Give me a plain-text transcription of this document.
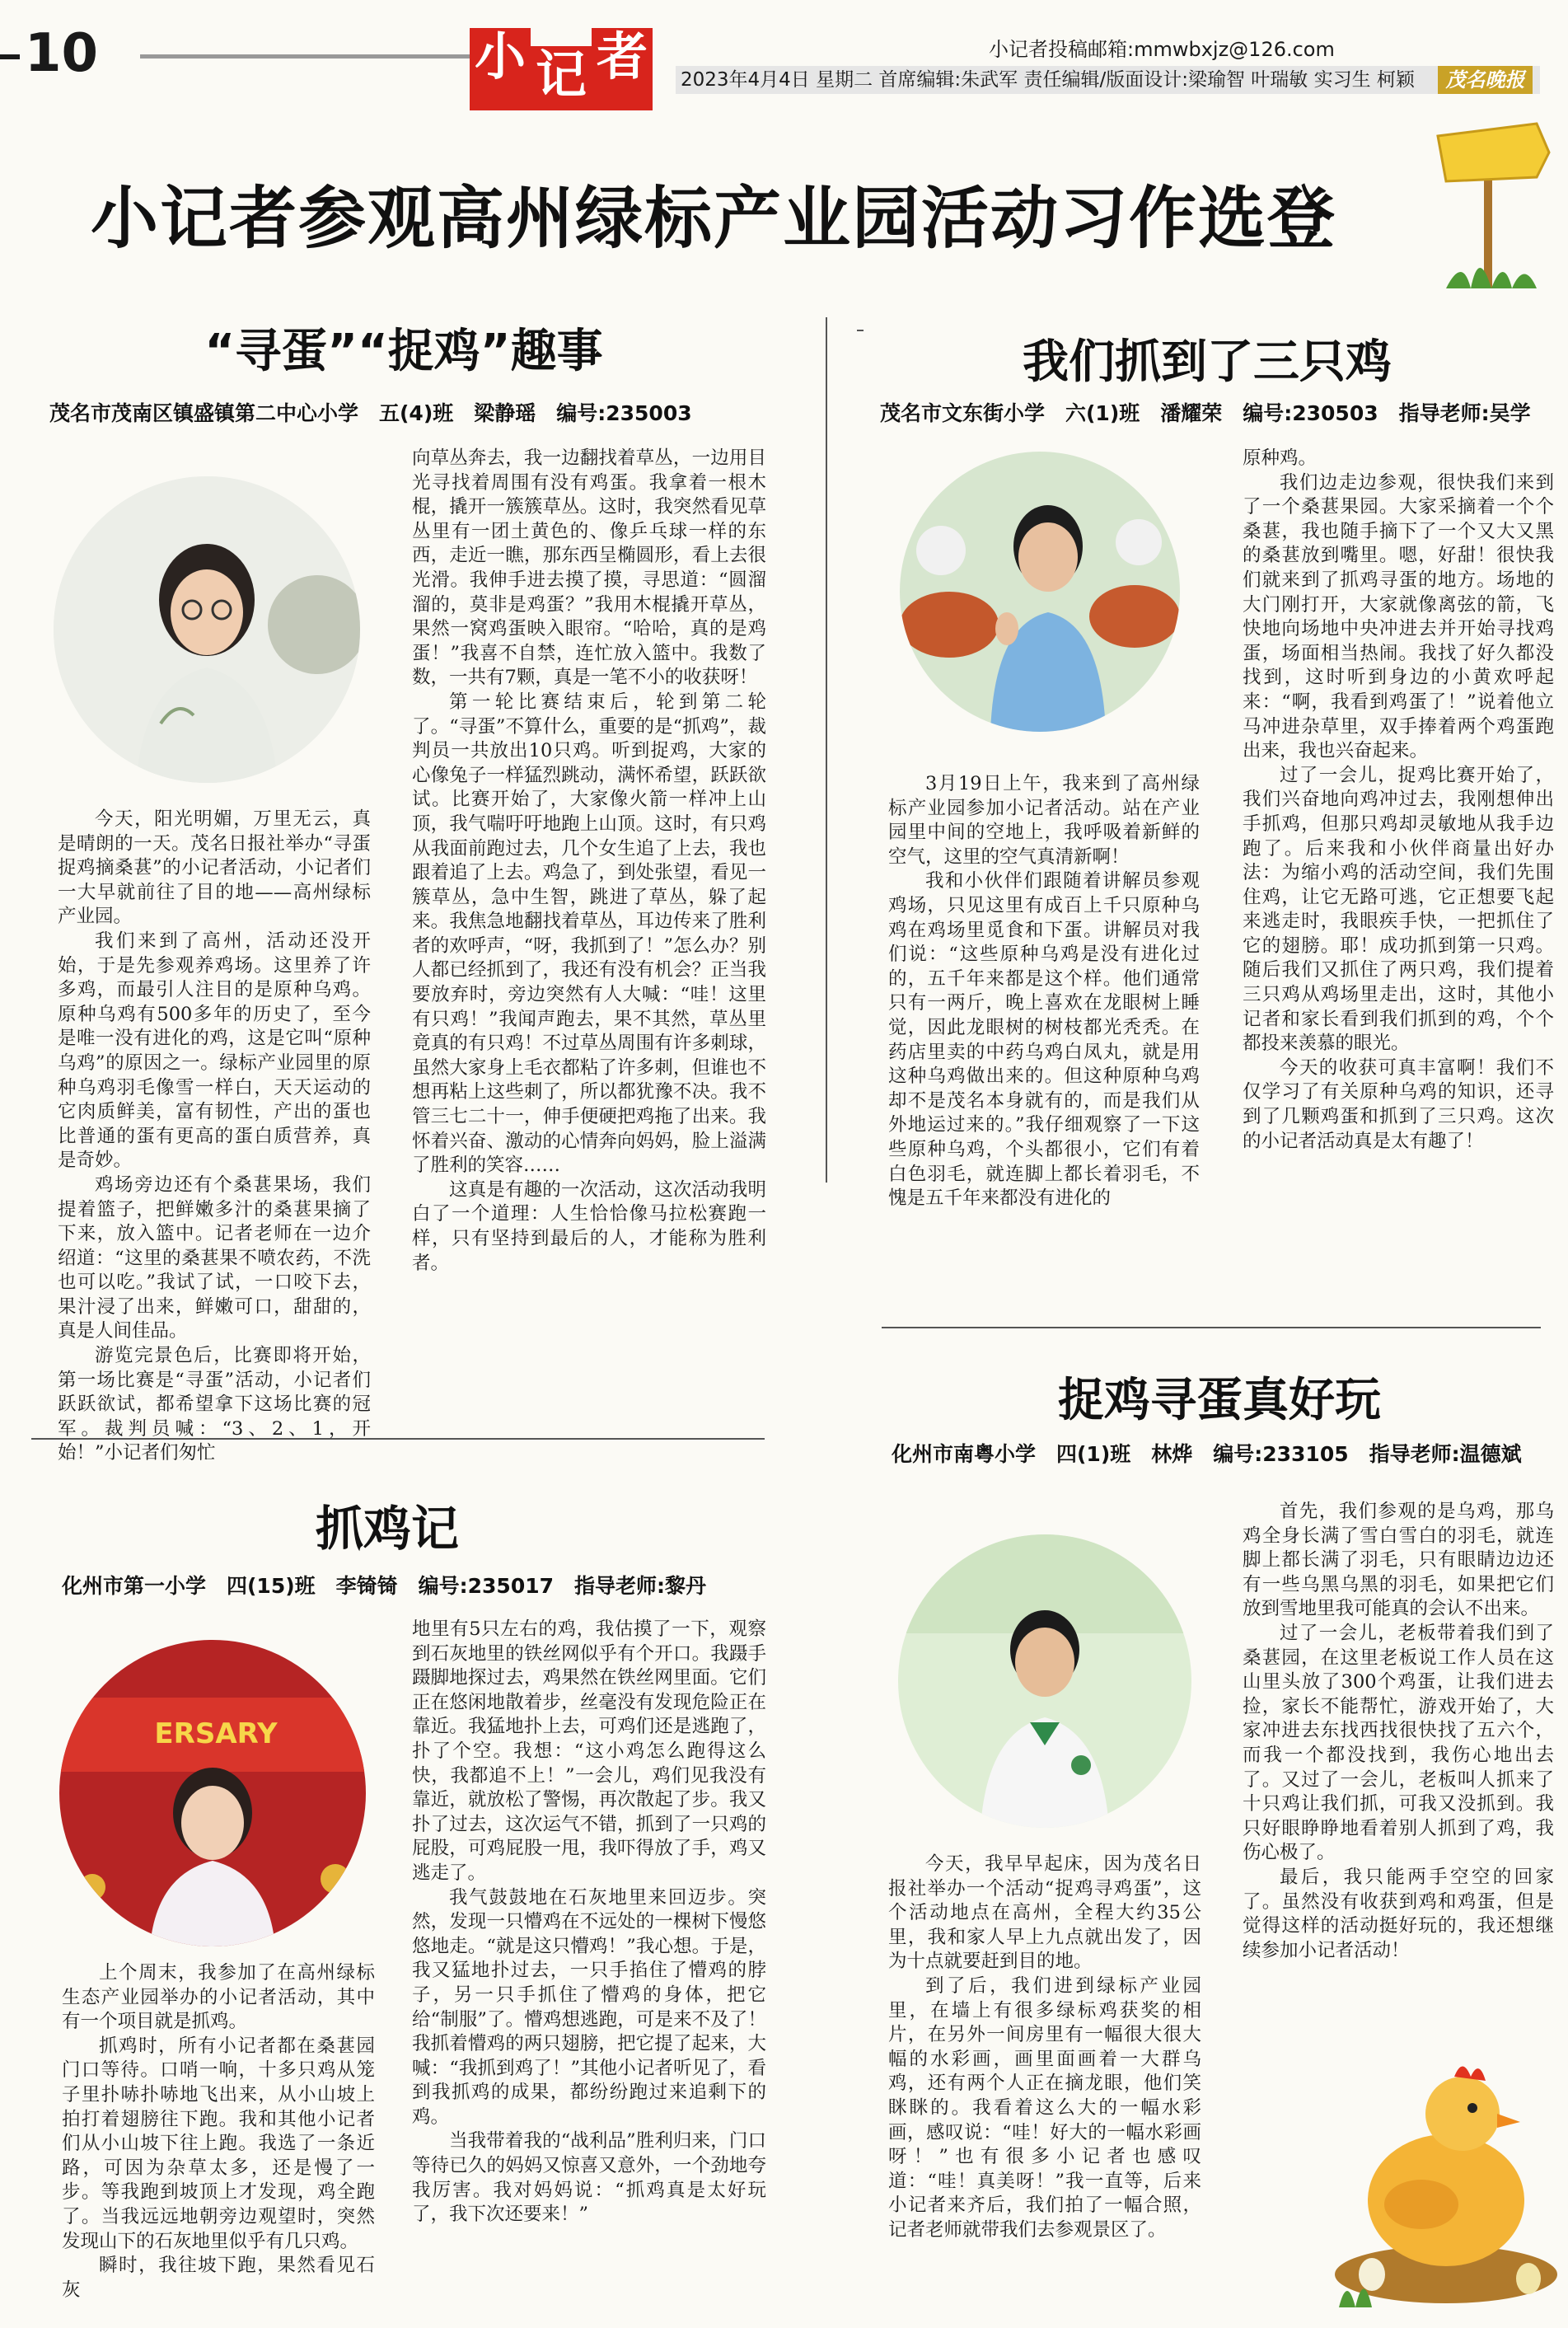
10	小 记 者	小记者投稿邮箱:mmwbxjz@126.com
2023年4月4日 星期二 首席编辑:朱武军 责任编辑/版面设计:梁瑜智 叶瑞敏 实习生 柯颖	茂名晚报
小记者参观高州绿标产业园活动习作选登
“寻蛋”“捉鸡”趣事
茂名市茂南区镇盛镇第二中心小学　五(4)班　梁静瑶　编号:235003

今天，阳光明媚，万里无云，真是晴朗的一天。茂名日报社举办“寻蛋捉鸡摘桑葚”的小记者活动，小记者们一大早就前往了目的地——高州绿标产业园。

我们来到了高州，活动还没开始，于是先参观养鸡场。这里养了许多鸡，而最引人注目的是原种乌鸡。原种乌鸡有500多年的历史了，至今是唯一没有进化的鸡，这是它叫“原种乌鸡”的原因之一。绿标产业园里的原种乌鸡羽毛像雪一样白，天天运动的它肉质鲜美，富有韧性，产出的蛋也比普通的蛋有更高的蛋白质营养，真是奇妙。

鸡场旁边还有个桑葚果场，我们提着篮子，把鲜嫩多汁的桑葚果摘了下来，放入篮中。记者老师在一边介绍道：“这里的桑葚果不喷农药，不洗也可以吃。”我试了试，一口咬下去，果汁浸了出来，鲜嫩可口，甜甜的，真是人间佳品。

游览完景色后，比赛即将开始，第一场比赛是“寻蛋”活动，小记者们跃跃欲试，都希望拿下这场比赛的冠军。裁判员喊：“3、2、1，开始！”小记者们匆忙

向草丛奔去，我一边翻找着草丛，一边用目光寻找着周围有没有鸡蛋。我拿着一根木棍，撬开一簇簇草丛。这时，我突然看见草丛里有一团土黄色的、像乒乓球一样的东西，走近一瞧，那东西呈椭圆形，看上去很光滑。我伸手进去摸了摸，寻思道：“圆溜溜的，莫非是鸡蛋？”我用木棍撬开草丛，果然一窝鸡蛋映入眼帘。“哈哈，真的是鸡蛋！”我喜不自禁，连忙放入篮中。我数了数，一共有7颗，真是一笔不小的收获呀！

第一轮比赛结束后，轮到第二轮了。“寻蛋”不算什么，重要的是“抓鸡”，裁判员一共放出10只鸡。听到捉鸡，大家的心像兔子一样猛烈跳动，满怀希望，跃跃欲试。比赛开始了，大家像火箭一样冲上山顶，我气喘吁吁地跑上山顶。这时，有只鸡从我面前跑过去，几个女生追了上去，我也跟着追了上去。鸡急了，到处张望，看见一簇草丛，急中生智，跳进了草丛，躲了起来。我焦急地翻找着草丛，耳边传来了胜利者的欢呼声，“呀，我抓到了！”怎么办？别人都已经抓到了，我还有没有机会？正当我要放弃时，旁边突然有人大喊：“哇！这里有只鸡！”我闻声跑去，果不其然，草丛里竟真的有只鸡！不过草丛周围有许多刺球，虽然大家身上毛衣都粘了许多刺，但谁也不想再粘上这些刺了，所以都犹豫不决。我不管三七二十一，伸手便硬把鸡拖了出来。我怀着兴奋、激动的心情奔向妈妈，脸上溢满了胜利的笑容……

这真是有趣的一次活动，这次活动我明白了一个道理：人生恰恰像马拉松赛跑一样，只有坚持到最后的人，才能称为胜利者。

我们抓到了三只鸡
茂名市文东街小学　六(1)班　潘耀荣　编号:230503　指导老师:吴学

3月19日上午，我来到了高州绿标产业园参加小记者活动。站在产业园里中间的空地上，我呼吸着新鲜的空气，这里的空气真清新啊！

我和小伙伴们跟随着讲解员参观鸡场，只见这里有成百上千只原种乌鸡在鸡场里觅食和下蛋。讲解员对我们说：“这些原种乌鸡是没有进化过的，五千年来都是这个样。他们通常只有一两斤，晚上喜欢在龙眼树上睡觉，因此龙眼树的树枝都光秃秃。在药店里卖的中药乌鸡白凤丸，就是用这种乌鸡做出来的。但这种原种乌鸡却不是茂名本身就有的，而是我们从外地运过来的。”我仔细观察了一下这些原种乌鸡，个头都很小，它们有着白色羽毛，就连脚上都长着羽毛，不愧是五千年来都没有进化的

原种鸡。

我们边走边参观，很快我们来到了一个桑葚果园。大家采摘着一个个桑葚，我也随手摘下了一个又大又黑的桑葚放到嘴里。嗯，好甜！很快我们就来到了抓鸡寻蛋的地方。场地的大门刚打开，大家就像离弦的箭，飞快地向场地中央冲进去并开始寻找鸡蛋，场面相当热闹。我找了好久都没找到，这时听到身边的小黄欢呼起来：“啊，我看到鸡蛋了！”说着他立马冲进杂草里，双手捧着两个鸡蛋跑出来，我也兴奋起来。

过了一会儿，捉鸡比赛开始了，我们兴奋地向鸡冲过去，我刚想伸出手抓鸡，但那只鸡却灵敏地从我手边跑了。后来我和小伙伴商量出好办法：为缩小鸡的活动空间，我们先围住鸡，让它无路可逃，它正想要飞起来逃走时，我眼疾手快，一把抓住了它的翅膀。耶！成功抓到第一只鸡。随后我们又抓住了两只鸡，我们提着三只鸡从鸡场里走出，这时，其他小记者和家长看到我们抓到的鸡，个个都投来羡慕的眼光。

今天的收获可真丰富啊！我们不仅学习了有关原种乌鸡的知识，还寻到了几颗鸡蛋和抓到了三只鸡。这次的小记者活动真是太有趣了！

抓鸡记
化州市第一小学　四(15)班　李锜锜　编号:235017　指导老师:黎丹
ERSARY

上个周末，我参加了在高州绿标生态产业园举办的小记者活动，其中有一个项目就是抓鸡。

抓鸡时，所有小记者都在桑葚园门口等待。口哨一响，十多只鸡从笼子里扑哧扑哧地飞出来，从小山坡上拍打着翅膀往下跑。我和其他小记者们从小山坡下往上跑。我选了一条近路，可因为杂草太多，还是慢了一步。等我跑到坡顶上才发现，鸡全跑了。当我远远地朝旁边观望时，突然发现山下的石灰地里似乎有几只鸡。

瞬时，我往坡下跑，果然看见石灰

地里有5只左右的鸡，我估摸了一下，观察到石灰地里的铁丝网似乎有个开口。我蹑手蹑脚地探过去，鸡果然在铁丝网里面。它们正在悠闲地散着步，丝毫没有发现危险正在靠近。我猛地扑上去，可鸡们还是逃跑了，扑了个空。我想：“这小鸡怎么跑得这么快，我都追不上！”一会儿，鸡们见我没有靠近，就放松了警惕，再次散起了步。我又扑了过去，这次运气不错，抓到了一只鸡的屁股，可鸡屁股一甩，我吓得放了手，鸡又逃走了。

我气鼓鼓地在石灰地里来回迈步。突然，发现一只懵鸡在不远处的一棵树下慢悠悠地走。“就是这只懵鸡！”我心想。于是，我又猛地扑过去，一只手掐住了懵鸡的脖子，另一只手抓住了懵鸡的身体，把它给“制服”了。懵鸡想逃跑，可是来不及了！我抓着懵鸡的两只翅膀，把它提了起来，大喊：“我抓到鸡了！”其他小记者听见了，看到我抓鸡的成果，都纷纷跑过来追剩下的鸡。

当我带着我的“战利品”胜利归来，门口等待已久的妈妈又惊喜又意外，一个劲地夸我厉害。我对妈妈说：“抓鸡真是太好玩了，我下次还要来！”

捉鸡寻蛋真好玩
化州市南粤小学　四(1)班　林烨　编号:233105　指导老师:温德斌

今天，我早早起床，因为茂名日报社举办一个活动“捉鸡寻鸡蛋”，这个活动地点在高州，全程大约35公里，我和家人早上九点就出发了，因为十点就要赶到目的地。

到了后，我们进到绿标产业园里，在墙上有很多绿标鸡获奖的相片，在另外一间房里有一幅很大很大幅的水彩画，画里面画着一大群乌鸡，还有两个人正在摘龙眼，他们笑眯眯的。我看着这么大的一幅水彩画，感叹说：“哇！好大的一幅水彩画呀！”也有很多小记者也感叹道：“哇！真美呀！”我一直等，后来小记者来齐后，我们拍了一幅合照，记者老师就带我们去参观景区了。

首先，我们参观的是乌鸡，那乌鸡全身长满了雪白雪白的羽毛，就连脚上都长满了羽毛，只有眼睛边边还有一些乌黑乌黑的羽毛，如果把它们放到雪地里我可能真的会认不出来。

过了一会儿，老板带着我们到了桑葚园，在这里老板说工作人员在这山里头放了300个鸡蛋，让我们进去捡，家长不能帮忙，游戏开始了，大家冲进去东找西找很快找了五六个，而我一个都没找到，我伤心地出去了。又过了一会儿，老板叫人抓来了十只鸡让我们抓，可我又没抓到。我只好眼睁睁地看着别人抓到了鸡，我伤心极了。

最后，我只能两手空空的回家了。虽然没有收获到鸡和鸡蛋，但是觉得这样的活动挺好玩的，我还想继续参加小记者活动！
